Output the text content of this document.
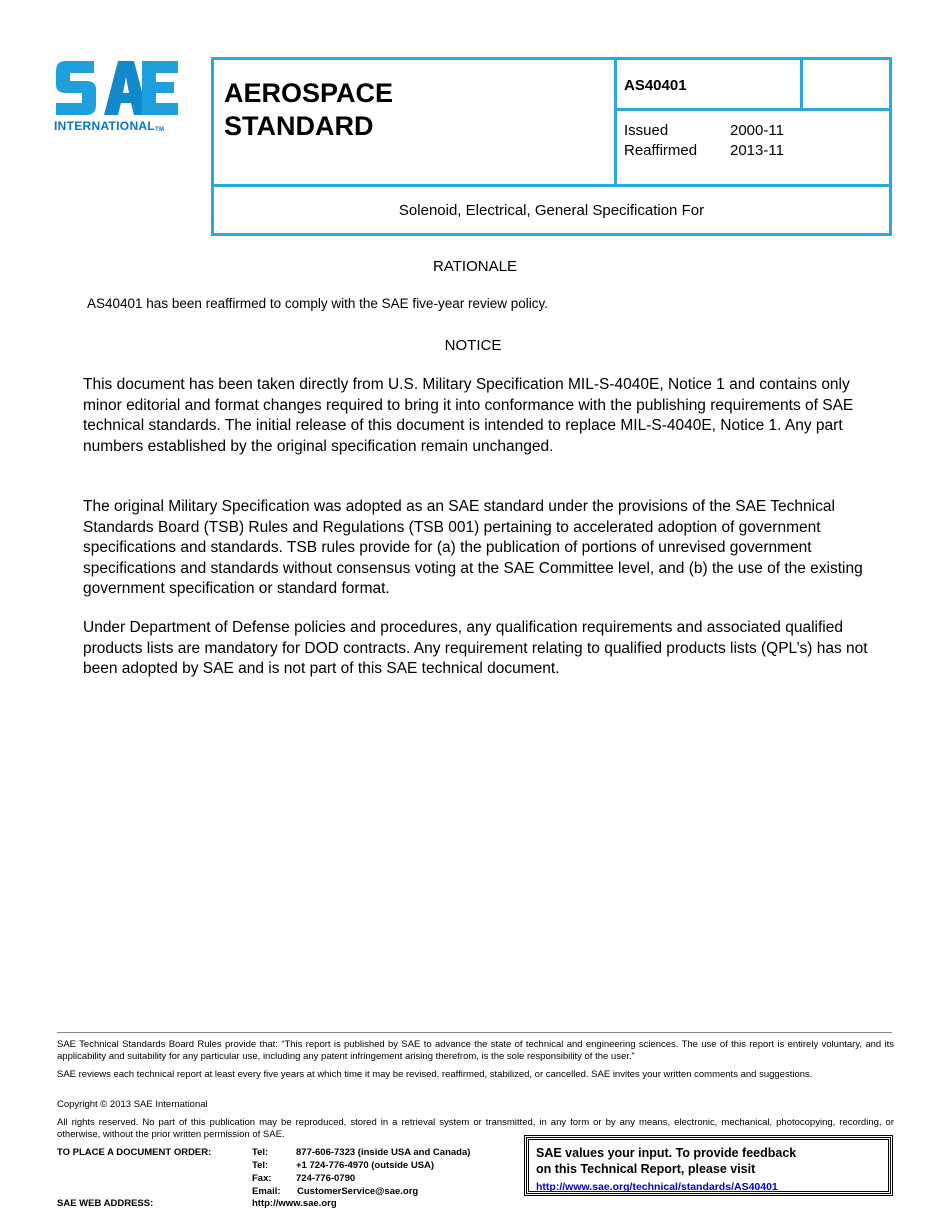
INTERNATIONALTM
AEROSPACE
STANDARD
AS40401
Issued	2000-11
Reaffirmed 2013-11
Solenoid, Electrical, General Specification For
RATIONALE
AS40401 has been reaffirmed to comply with the SAE five-year review policy.
NOTICE

This document has been taken directly from U.S. Military Specification MIL-S-4040E, Notice 1 and contains only minor editorial and format changes required to bring it into conformance with the publishing requirements of SAE technical standards. The initial release of this document is intended to replace MIL-S-4040E, Notice 1. Any part numbers established by the original specification remain unchanged.

The original Military Specification was adopted as an SAE standard under the provisions of the SAE Technical Standards Board (TSB) Rules and Regulations (TSB 001) pertaining to accelerated adoption of government specifications and standards. TSB rules provide for (a) the publication of portions of unrevised government specifications and standards without consensus voting at the SAE Committee level, and (b) the use of the existing government specification or standard format.

Under Department of Defense policies and procedures, any qualification requirements and associated qualified products lists are mandatory for DOD contracts. Any requirement relating to qualified products lists (QPL’s) has not been adopted by SAE and is not part of this SAE technical document.

SAE Technical Standards Board Rules provide that: “This report is published by SAE to advance the state of technical and engineering sciences. The use of this report is entirely voluntary, and its applicability and suitability for any particular use, including any patent infringement arising therefrom, is the sole responsibility of the user.”

SAE reviews each technical report at least every five years at which time it may be revised, reaffirmed, stabilized, or cancelled. SAE invites your written comments and suggestions.

Copyright © 2013 SAE International

All rights reserved. No part of this publication may be reproduced, stored in a retrieval system or transmitted, in any form or by any means, electronic, mechanical, photocopying, recording, or otherwise, without the prior written permission of SAE.

TO PLACE A DOCUMENT ORDER:	Tel:	877-606-7323 (inside USA and Canada)
Tel:	+1 724-776-4970 (outside USA)
Fax:	724-776-0790
Email: CustomerService@sae.org
SAE WEB ADDRESS:	http://www.sae.org
SAE values your input. To provide feedback
on this Technical Report, please visit
http://www.sae.org/technical/standards/AS40401
